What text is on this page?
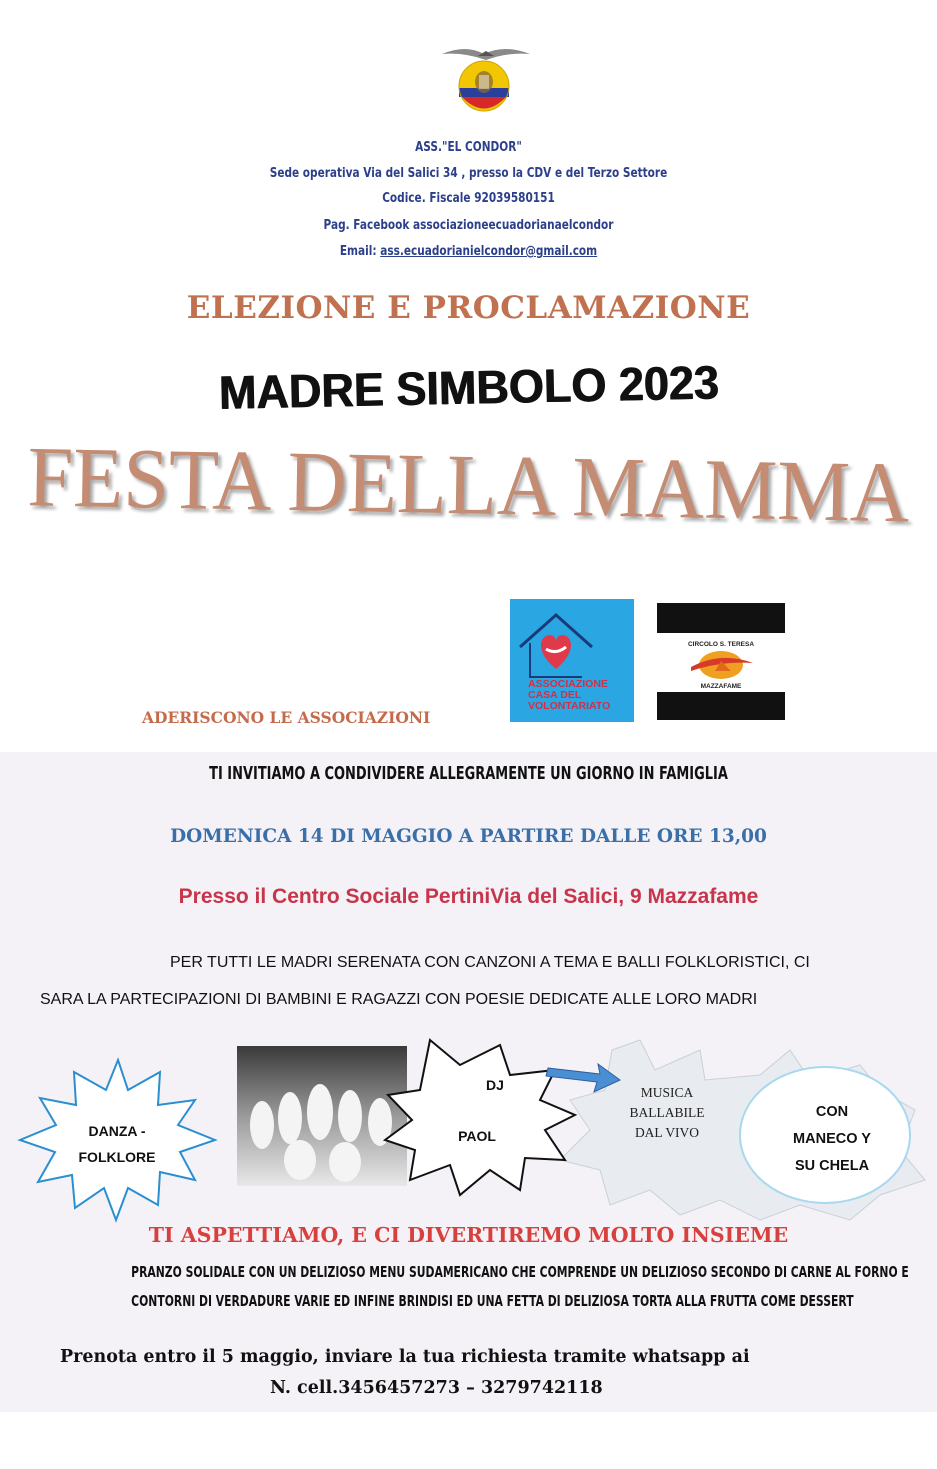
ASS."EL CONDOR"
Sede operativa Via del Salici 34 , presso la CDV e del Terzo Settore
Codice. Fiscale 92039580151
Pag. Facebook associazioneecuadorianaelcondor
Email: ass.ecuadorianielcondor@gmail.com
ELEZIONE E PROCLAMAZIONE
MADRE SIMBOLO 2023
FESTA DELLA MAMMA
ADERISCONO LE ASSOCIAZIONI
ASSOCIAZIONE
CASA DEL
VOLONTARIATO
CIRCOLO S. TERESA
MAZZAFAME
TI INVITIAMO A CONDIVIDERE ALLEGRAMENTE UN GIORNO IN FAMIGLIA
DOMENICA 14 DI MAGGIO A PARTIRE DALLE ORE 13,00
Presso il Centro Sociale PertiniVia del Salici, 9 Mazzafame
PER TUTTI LE MADRI SERENATA CON CANZONI A TEMA E BALLI FOLKLORISTICI, CI
SARA LA PARTECIPAZIONI DI BAMBINI E RAGAZZI CON POESIE DEDICATE ALLE LORO MADRI
DANZA -
FOLKLORE
DJ
PAOL
MUSICA
BALLABILE
DAL VIVO
CON
MANECO Y
SU CHELA
TI ASPETTIAMO, E CI DIVERTIREMO MOLTO INSIEME
PRANZO SOLIDALE CON UN DELIZIOSO MENU SUDAMERICANO CHE COMPRENDE UN DELIZIOSO SECONDO DI CARNE AL FORNO E
CONTORNI DI VERDADURE VARIE ED INFINE BRINDISI ED UNA FETTA DI DELIZIOSA TORTA ALLA FRUTTA COME DESSERT
Prenota entro il 5 maggio, inviare la tua richiesta tramite whatsapp ai
N. cell.3456457273 – 3279742118
